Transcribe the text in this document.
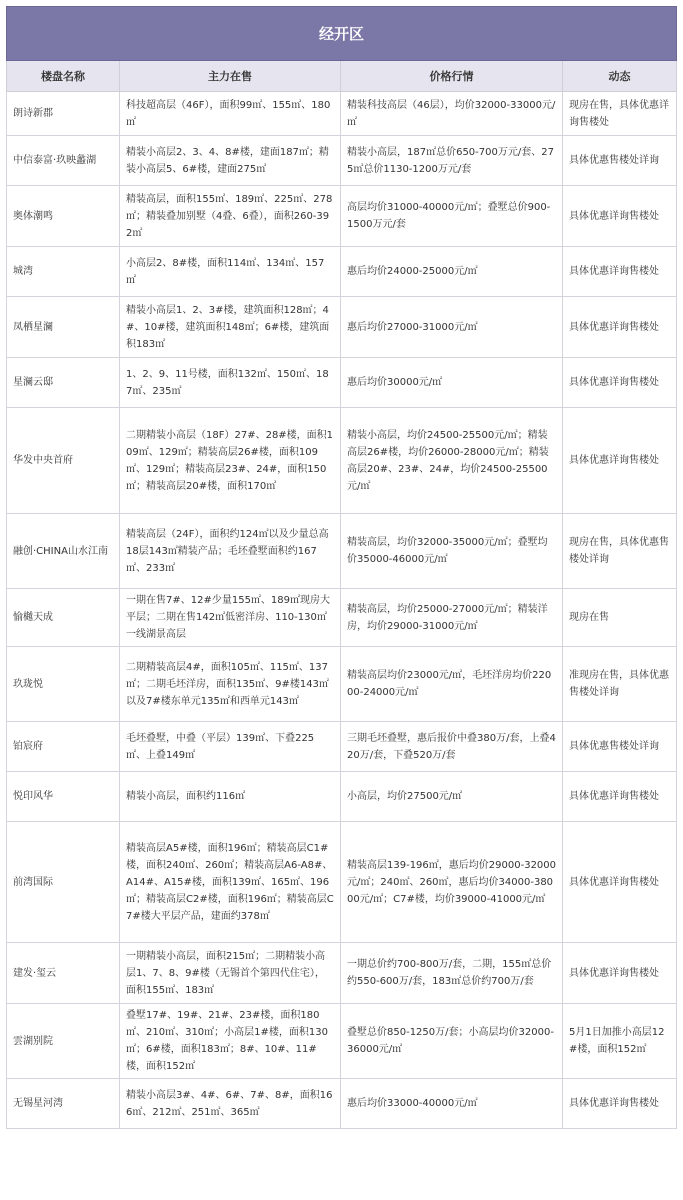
经开区			
楼盘名称	主力在售	价格行情	动态
朗诗新郡	科技超高层（46F），面积99㎡、155㎡、180㎡	精装科技高层（46层），均价32000-33000元/㎡	现房在售，具体优惠详询售楼处
中信泰富·玖映蠡湖	精装小高层2、3、4、8#楼，建面187㎡；精装小高层5、6#楼，建面275㎡	精装小高层，187㎡总价650-700万元/套、275㎡总价1130-1200万元/套	具体优惠售楼处详询
奥体潮鸣	精装高层，面积155㎡、189㎡、225㎡、278㎡；精装叠加别墅（4叠、6叠），面积260-392㎡	高层均价31000-40000元/㎡；叠墅总价900-1500万元/套	具体优惠详询售楼处
城湾	小高层2、8#楼，面积114㎡、134㎡、157㎡	惠后均价24000-25000元/㎡	具体优惠详询售楼处
凤栖星澜	精装小高层1、2、3#楼，建筑面积128㎡；4#、10#楼，建筑面积148㎡；6#楼，建筑面积183㎡	惠后均价27000-31000元/㎡	具体优惠详询售楼处
星澜云邸	1、2、9、11号楼，面积132㎡、150㎡、187㎡、235㎡	惠后均价30000元/㎡	具体优惠详询售楼处
华发中央首府	二期精装小高层（18F）27#、28#楼，面积109㎡、129㎡；精装高层26#楼，面积109㎡、129㎡；精装高层23#、24#，面积150㎡；精装高层20#楼，面积170㎡	精装小高层，均价24500-25500元/㎡；精装高层26#楼，均价26000-28000元/㎡；精装高层20#、23#、24#，均价24500-25500元/㎡	具体优惠详询售楼处
融创·CHINA山水江南	精装高层（24F），面积约124㎡以及少量总高18层143㎡精装产品；毛坯叠墅面积约167㎡、233㎡	精装高层，均价32000-35000元/㎡；叠墅均价35000-46000元/㎡	现房在售，具体优惠售楼处详询
愉樾天成	一期在售7#、12#少量155㎡、189㎡现房大平层；二期在售142㎡低密洋房、110-130㎡一线湖景高层	精装高层，均价25000-27000元/㎡；精装洋房，均价29000-31000元/㎡	现房在售
玖珑悦	二期精装高层4#，面积105㎡、115㎡、137㎡；二期毛坯洋房，面积135㎡、9#楼143㎡以及7#楼东单元135㎡和西单元143㎡	精装高层均价23000元/㎡，毛坯洋房均价22000-24000元/㎡	准现房在售，具体优惠售楼处详询
铂宸府	毛坯叠墅，中叠（平层）139㎡、下叠225㎡、上叠149㎡	三期毛坯叠墅，惠后报价中叠380万/套，上叠420万/套，下叠520万/套	具体优惠售楼处详询
悦印风华	精装小高层，面积约116㎡	小高层，均价27500元/㎡	具体优惠详询售楼处
前湾国际	精装高层A5#楼，面积196㎡；精装高层C1#楼，面积240㎡、260㎡；精装高层A6-A8#、A14#、A15#楼，面积139㎡、165㎡、196㎡；精装高层C2#楼，面积196㎡；精装高层C7#楼大平层产品，建面约378㎡	精装高层139-196㎡，惠后均价29000-32000元/㎡；240㎡、260㎡，惠后均价34000-38000元/㎡；C7#楼，均价39000-41000元/㎡	具体优惠详询售楼处
建发·玺云	一期精装小高层，面积215㎡；二期精装小高层1、7、8、9#楼（无锡首个第四代住宅），面积155㎡、183㎡	一期总价约700-800万/套，二期，155㎡总价约550-600万/套，183㎡总价约700万/套	具体优惠详询售楼处
雲湖别院	叠墅17#、19#、21#、23#楼，面积180㎡、210㎡、310㎡；小高层1#楼，面积130㎡；6#楼，面积183㎡；8#、10#、11#楼，面积152㎡	叠墅总价850-1250万/套；小高层均价32000-36000元/㎡	5月1日加推小高层12#楼，面积152㎡
无锡星河湾	精装小高层3#、4#、6#、7#、8#，面积166㎡、212㎡、251㎡、365㎡	惠后均价33000-40000元/㎡	具体优惠详询售楼处
